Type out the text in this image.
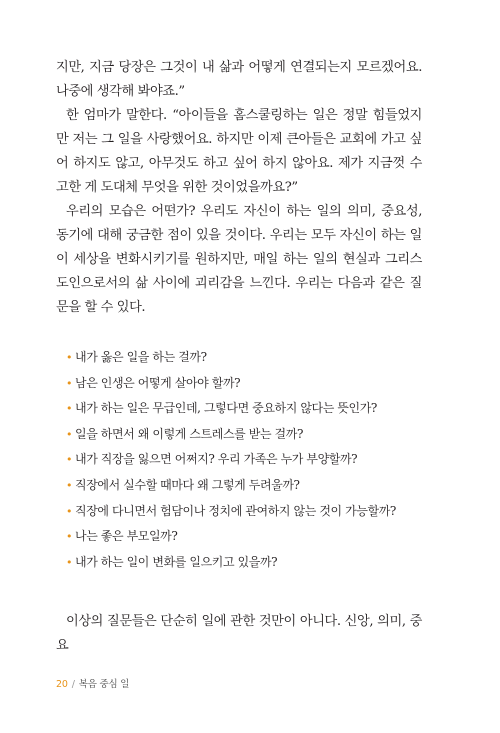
지만, 지금 당장은 그것이 내 삶과 어떻게 연결되는지 모르겠어요. 나중에 생각해 봐야죠.”

한 엄마가 말한다. “아이들을 홈스쿨링하는 일은 정말 힘들었지만 저는 그 일을 사랑했어요. 하지만 이제 큰아들은 교회에 가고 싶어 하지도 않고, 아무것도 하고 싶어 하지 않아요. 제가 지금껏 수고한 게 도대체 무엇을 위한 것이었을까요?”

우리의 모습은 어떤가? 우리도 자신이 하는 일의 의미, 중요성, 동기에 대해 궁금한 점이 있을 것이다. 우리는 모두 자신이 하는 일이 세상을 변화시키기를 원하지만, 매일 하는 일의 현실과 그리스도인으로서의 삶 사이에 괴리감을 느낀다. 우리는 다음과 같은 질문을 할 수 있다.

• 내가 옳은 일을 하는 걸까?
• 남은 인생은 어떻게 살아야 할까?
• 내가 하는 일은 무급인데, 그렇다면 중요하지 않다는 뜻인가?
• 일을 하면서 왜 이렇게 스트레스를 받는 걸까?
• 내가 직장을 잃으면 어쩌지? 우리 가족은 누가 부양할까?
• 직장에서 실수할 때마다 왜 그렇게 두려울까?
• 직장에 다니면서 험담이나 정치에 관여하지 않는 것이 가능할까?
• 나는 좋은 부모일까?
• 내가 하는 일이 변화를 일으키고 있을까?

이상의 질문들은 단순히 일에 관한 것만이 아니다. 신앙, 의미, 중요

20 / 복음 중심 일
